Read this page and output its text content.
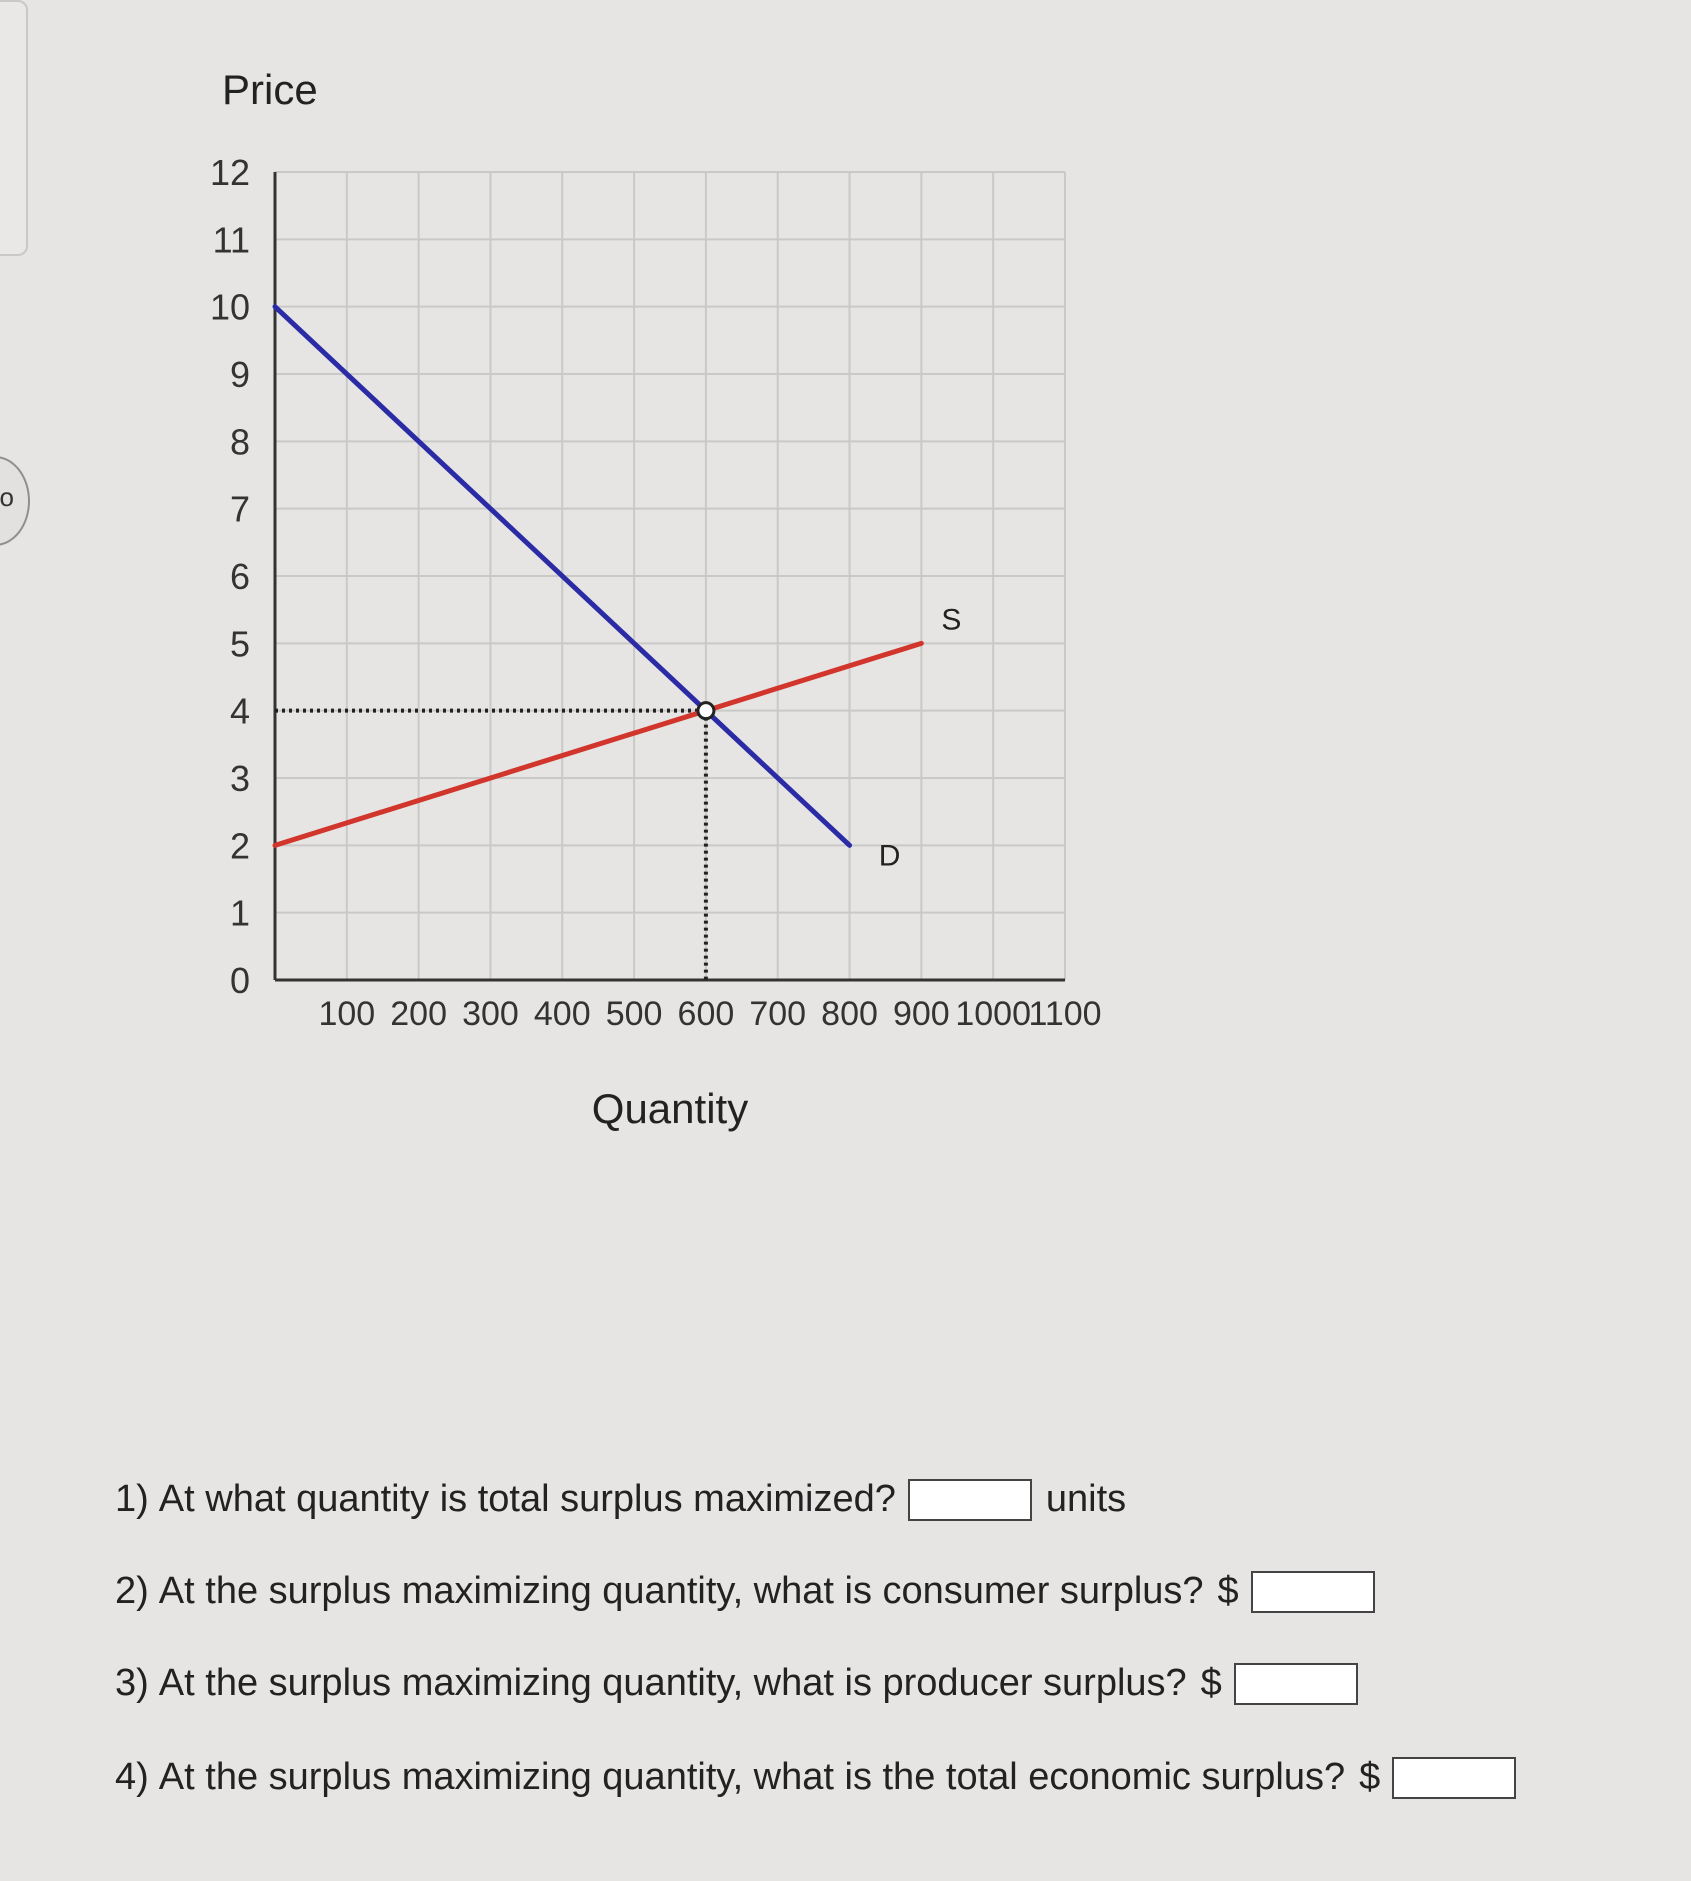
o
12
11
10
9
8
7
6
5
4
3
2
1
0
100 200 300 400 500 600 700 800 900 1000
1100
Price
Quantity
D
S
1) At what quantity is total surplus maximized?	units
2) At the surplus maximizing quantity, what is consumer surplus? $
3) At the surplus maximizing quantity, what is producer surplus? $
4) At the surplus maximizing quantity, what is the total economic surplus? $
